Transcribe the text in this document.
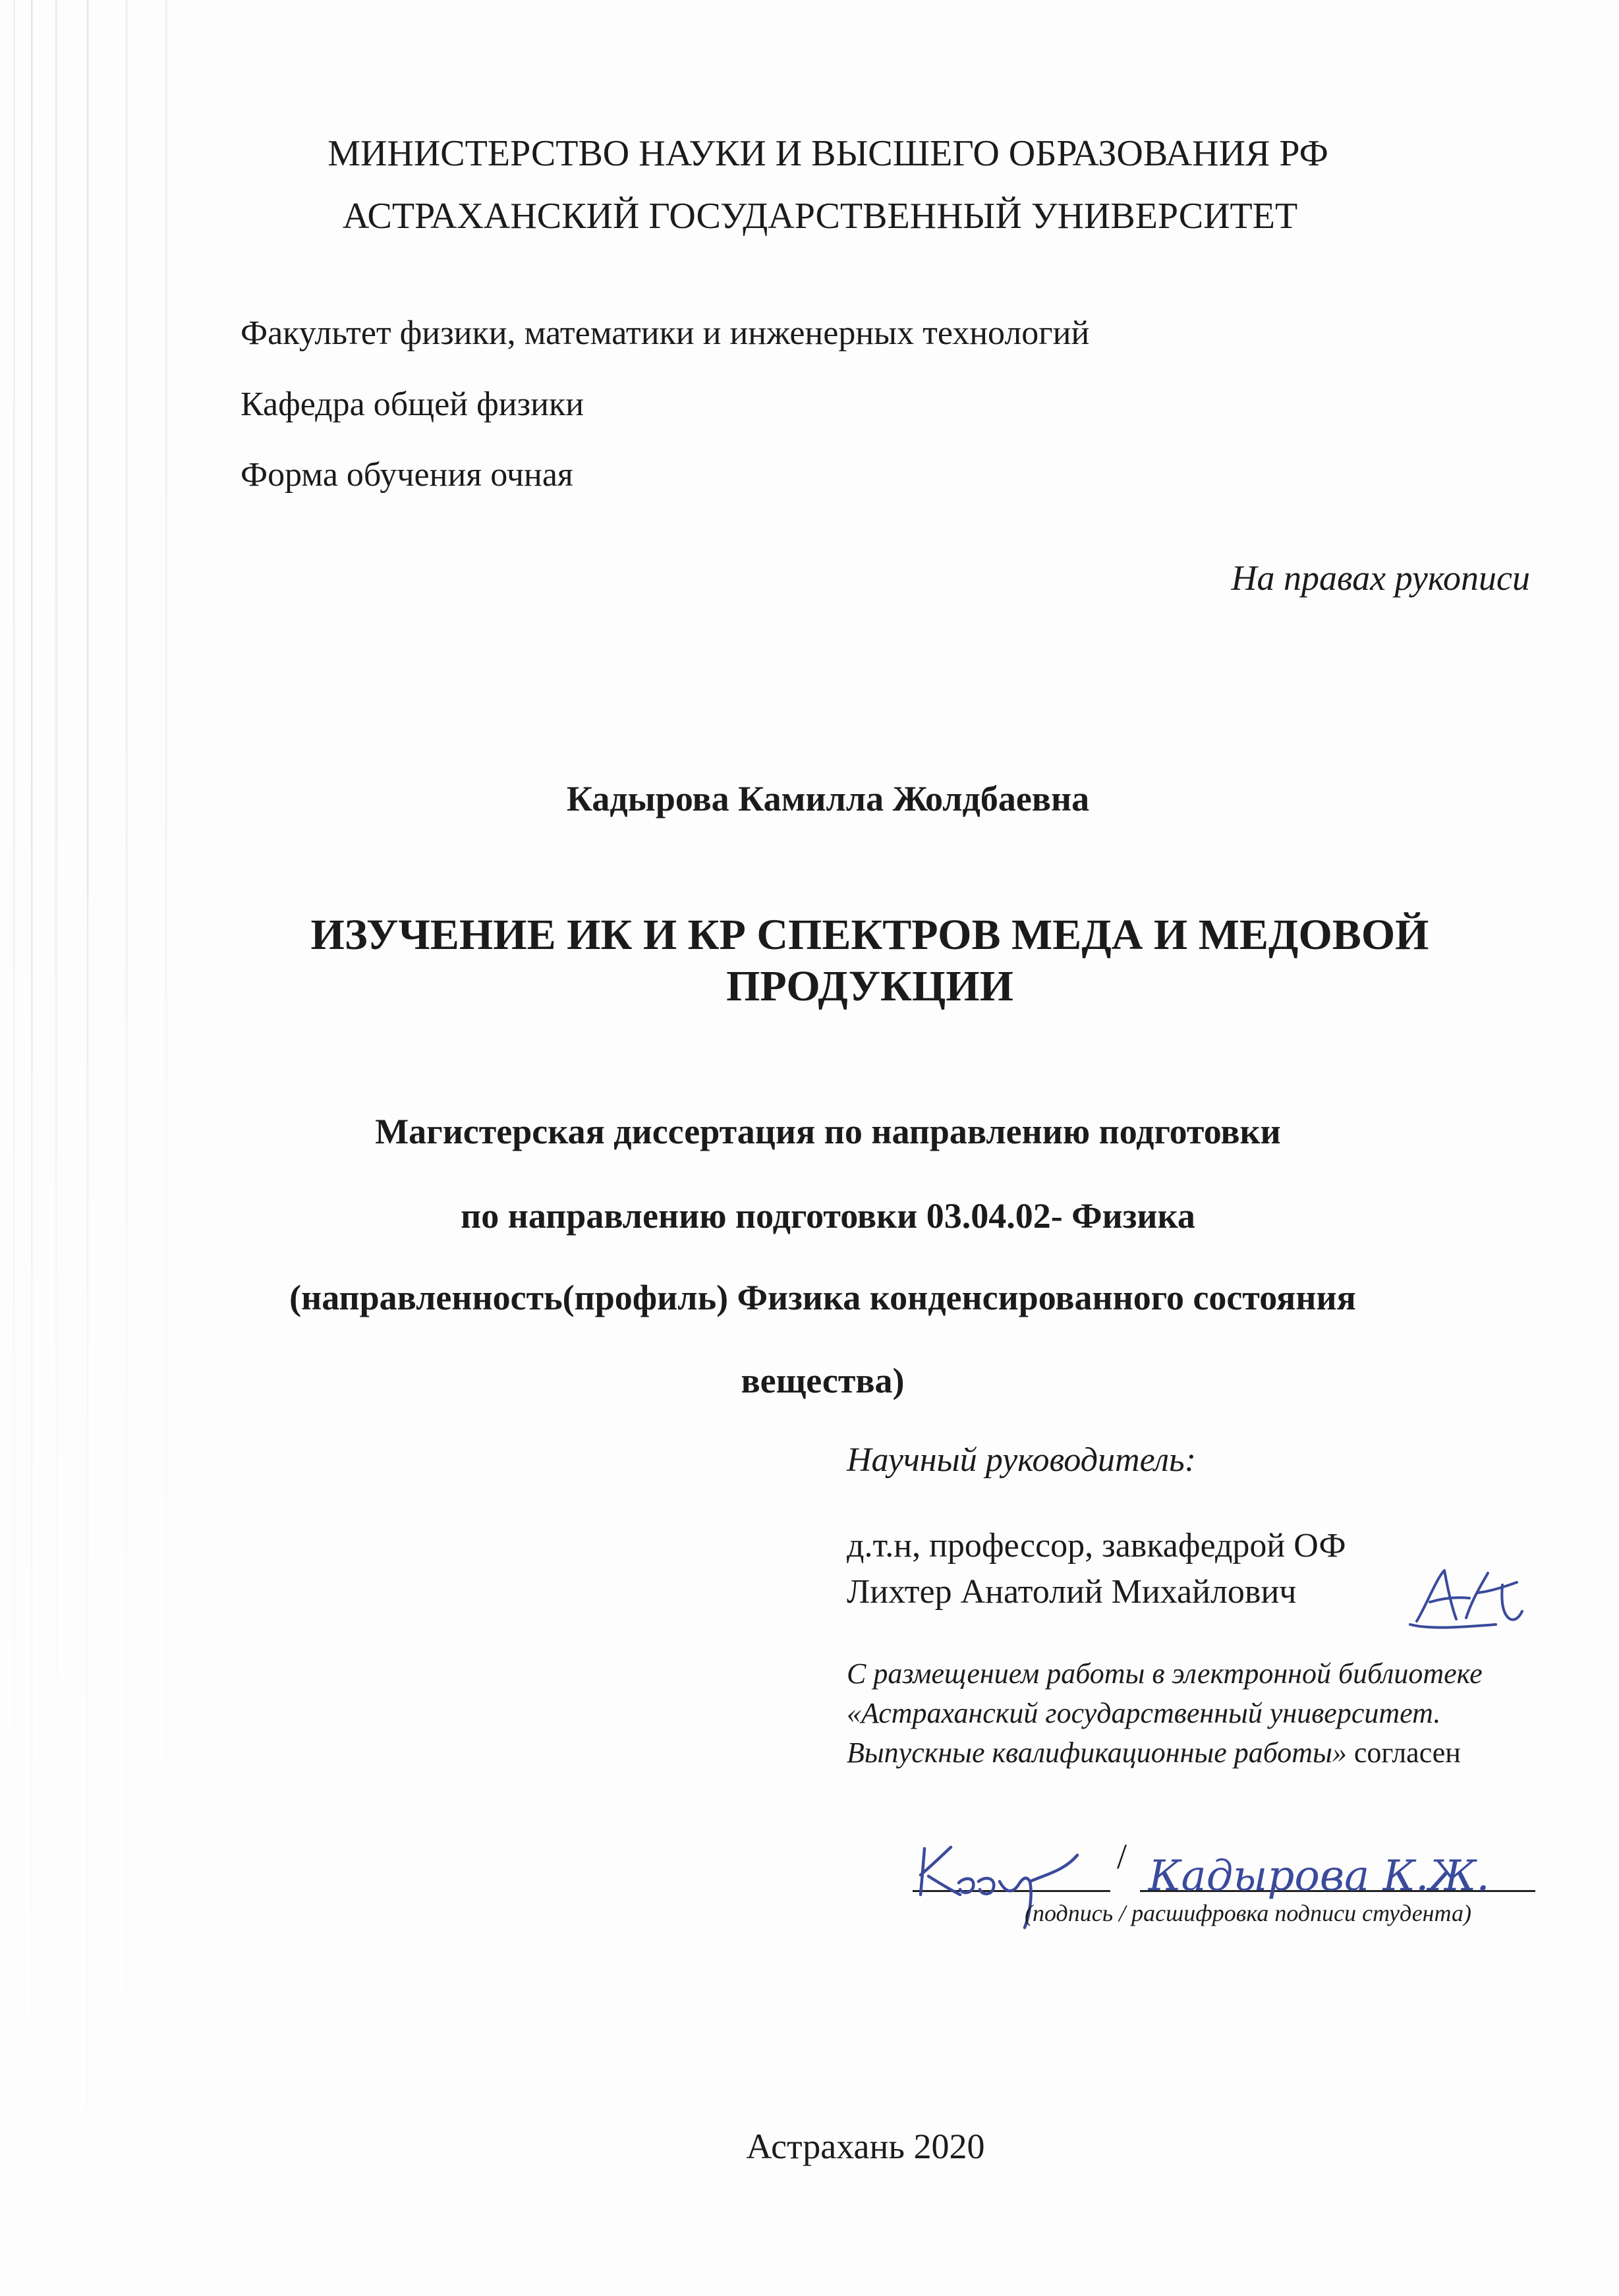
МИНИСТЕРСТВО НАУКИ И ВЫСШЕГО ОБРАЗОВАНИЯ РФ
АСТРАХАНСКИЙ ГОСУДАРСТВЕННЫЙ УНИВЕРСИТЕТ
Факультет физики, математики и инженерных технологий
Кафедра общей физики
Форма обучения очная
На правах рукописи
Кадырова Камилла Жолдбаевна
ИЗУЧЕНИЕ ИК И КР СПЕКТРОВ МЕДА И МЕДОВОЙ
ПРОДУКЦИИ
Магистерская диссертация по направлению подготовки
по направлению подготовки 03.04.02- Физика
(направленность(профиль) Физика конденсированного состояния
вещества)
Научный руководитель:
д.т.н, профессор, завкафедрой ОФ
Лихтер Анатолий Михайлович
С размещением работы в электронной библиотеке «Астраханский государственный университет. Выпускные квалификационные работы» согласен
/
Кадр	Кадырова К.Ж.
(подпись / расшифровка подписи студента)
Астрахань 2020
